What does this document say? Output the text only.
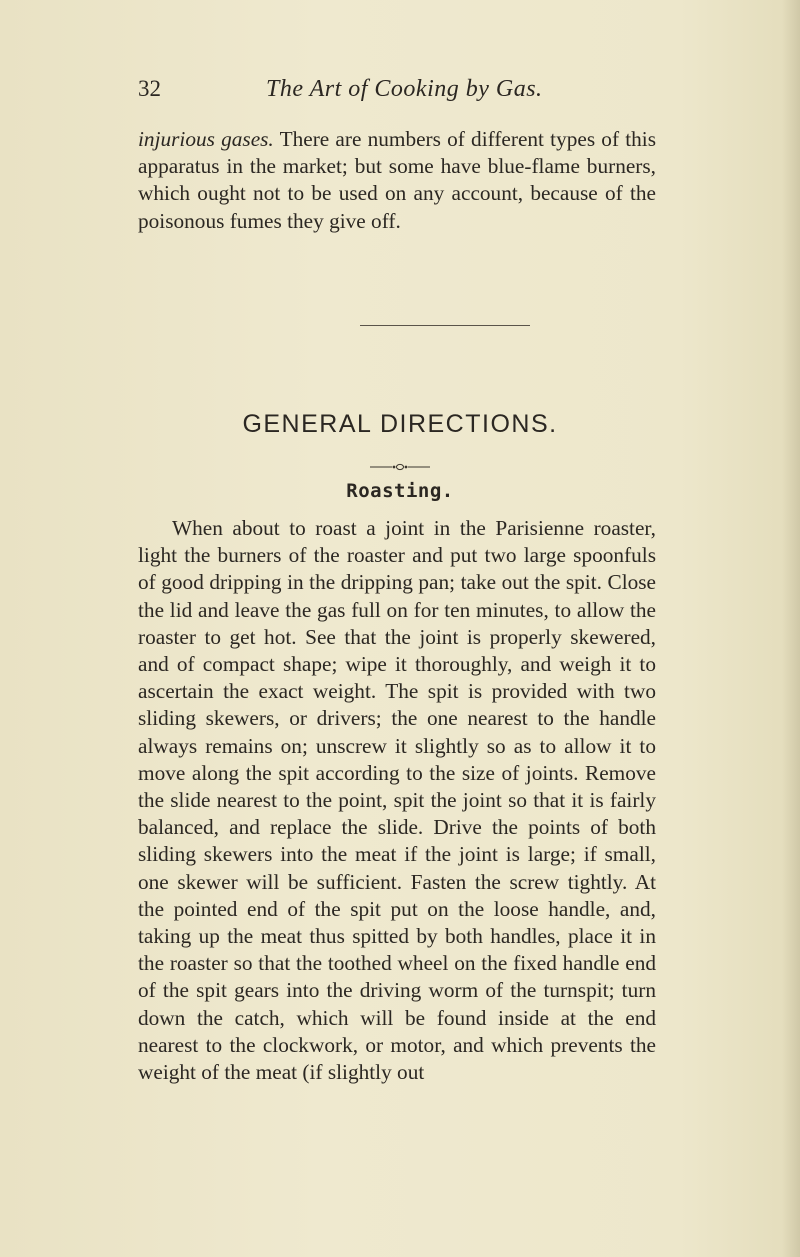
32	The Art of Cooking by Gas.

injurious gases. There are numbers of different types of this apparatus in the market; but some have blue-flame burners, which ought not to be used on any account, because of the poisonous fumes they give off.

GENERAL DIRECTIONS.
Roasting.

When about to roast a joint in the Parisienne roaster, light the burners of the roaster and put two large spoonfuls of good dripping in the dripping pan; take out the spit. Close the lid and leave the gas full on for ten minutes, to allow the roaster to get hot. See that the joint is properly skewered, and of compact shape; wipe it thoroughly, and weigh it to ascertain the exact weight. The spit is provided with two sliding skewers, or drivers; the one nearest to the handle always remains on; unscrew it slightly so as to allow it to move along the spit according to the size of joints. Remove the slide nearest to the point, spit the joint so that it is fairly balanced, and replace the slide. Drive the points of both sliding skewers into the meat if the joint is large; if small, one skewer will be sufficient. Fasten the screw tightly. At the pointed end of the spit put on the loose handle, and, taking up the meat thus spitted by both handles, place it in the roaster so that the toothed wheel on the fixed handle end of the spit gears into the driving worm of the turnspit; turn down the catch, which will be found inside at the end nearest to the clockwork, or motor, and which prevents the weight of the meat (if slightly out
